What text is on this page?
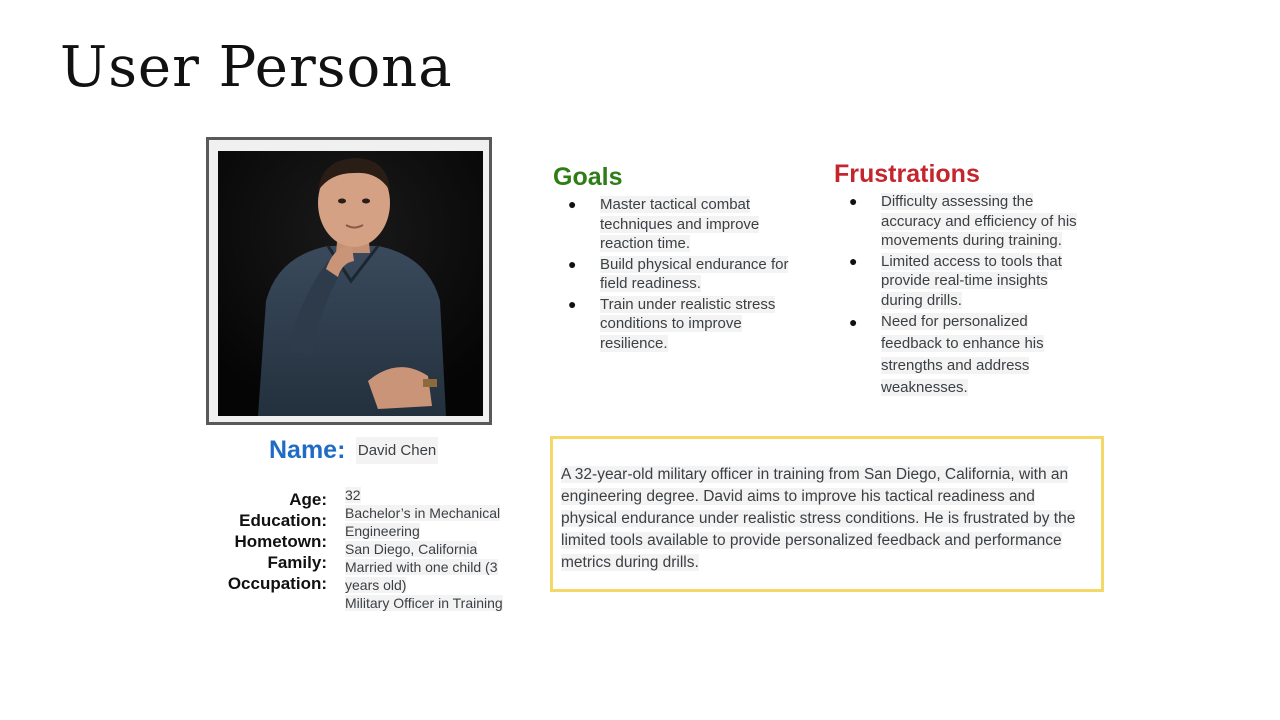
User Persona
Name: David Chen
Age:
Education:
Hometown:
Family:
Occupation:
32
Bachelor’s in Mechanical Engineering
San Diego, California
Married with one child (3 years old)
Military Officer in Training
Goals
● Master tactical combat techniques and improve reaction time.
● Build physical endurance for field readiness.
● Train under realistic stress conditions to improve resilience.
Frustrations
● Difficulty assessing the accuracy and efficiency of his movements during training.
● Limited access to tools that provide real-time insights during drills.
● Need for personalized feedback to enhance his strengths and address weaknesses.
A 32-year-old military officer in training from San Diego, California, with an engineering degree. David aims to improve his tactical readiness and physical endurance under realistic stress conditions. He is frustrated by the limited tools available to provide personalized feedback and performance metrics during drills.
